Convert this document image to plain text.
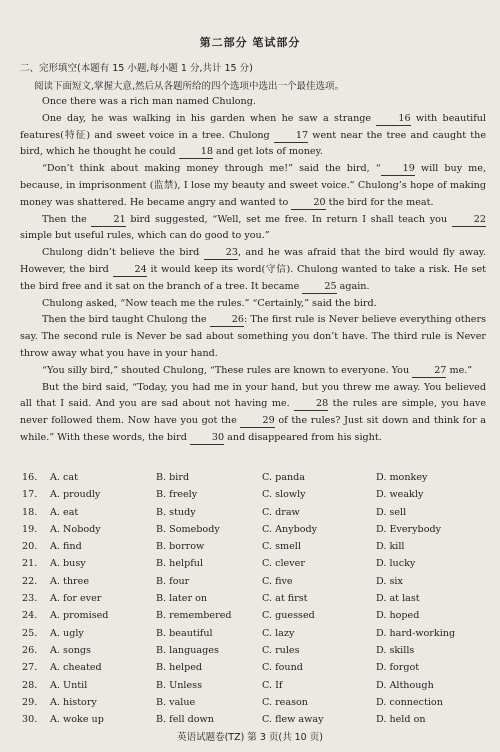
第二部分 笔试部分
二、完形填空(本题有 15 小题,每小题 1 分,共计 15 分)
阅读下面短文,掌握大意,然后从各题所给的四个选项中选出一个最佳选项。

Once there was a rich man named Chulong.

One day, he was walking in his garden when he saw a strange 16 with beautiful features(特征) and sweet voice in a tree. Chulong 17 went near the tree and caught the bird, which he thought he could 18 and get lots of money.

“Don’t think about making money through me!” said the bird, “ 19 will buy me, because, in imprisonment (监禁), I lose my beauty and sweet voice.” Chulong’s hope of making money was shattered. He became angry and wanted to 20 the bird for the meat.

Then the 21 bird suggested, “Well, set me free. In return I shall teach you 22 simple but useful rules, which can do good to you.”

Chulong didn’t believe the bird 23, and he was afraid that the bird would fly away. However, the bird 24 it would keep its word(守信). Chulong wanted to take a risk. He set the bird free and it sat on the branch of a tree. It became 25 again.

Chulong asked, “Now teach me the rules.” “Certainly,” said the bird.

Then the bird taught Chulong the 26: The first rule is Never believe everything others say. The second rule is Never be sad about something you don’t have. The third rule is Never throw away what you have in your hand.

“You silly bird,” shouted Chulong, “These rules are known to everyone. You 27 me.”

But the bird said, “Today, you had me in your hand, but you threw me away. You believed all that I said. And you are sad about not having me. 28 the rules are simple, you have never followed them. Now have you got the 29 of the rules? Just sit down and think for a while.” With these words, the bird 30 and disappeared from his sight.

16. A. cat	B. bird	C. panda	D. monkey
17. A. proudly	B. freely	C. slowly	D. weakly
18. A. eat	B. study	C. draw	D. sell
19. A. Nobody	B. Somebody	C. Anybody	D. Everybody
20. A. find	B. borrow	C. smell	D. kill
21. A. busy	B. helpful	C. clever	D. lucky
22. A. three	B. four	C. five	D. six
23. A. for ever	B. later on	C. at first	D. at last
24. A. promised	B. remembered	C. guessed	D. hoped
25. A. ugly	B. beautiful	C. lazy	D. hard-working
26. A. songs	B. languages	C. rules	D. skills
27. A. cheated	B. helped	C. found	D. forgot
28. A. Until	B. Unless	C. If	D. Although
29. A. history	B. value	C. reason	D. connection
30. A. woke up	B. fell down	C. flew away	D. held on
英语试题卷(TZ) 第 3 页(共 10 页)
